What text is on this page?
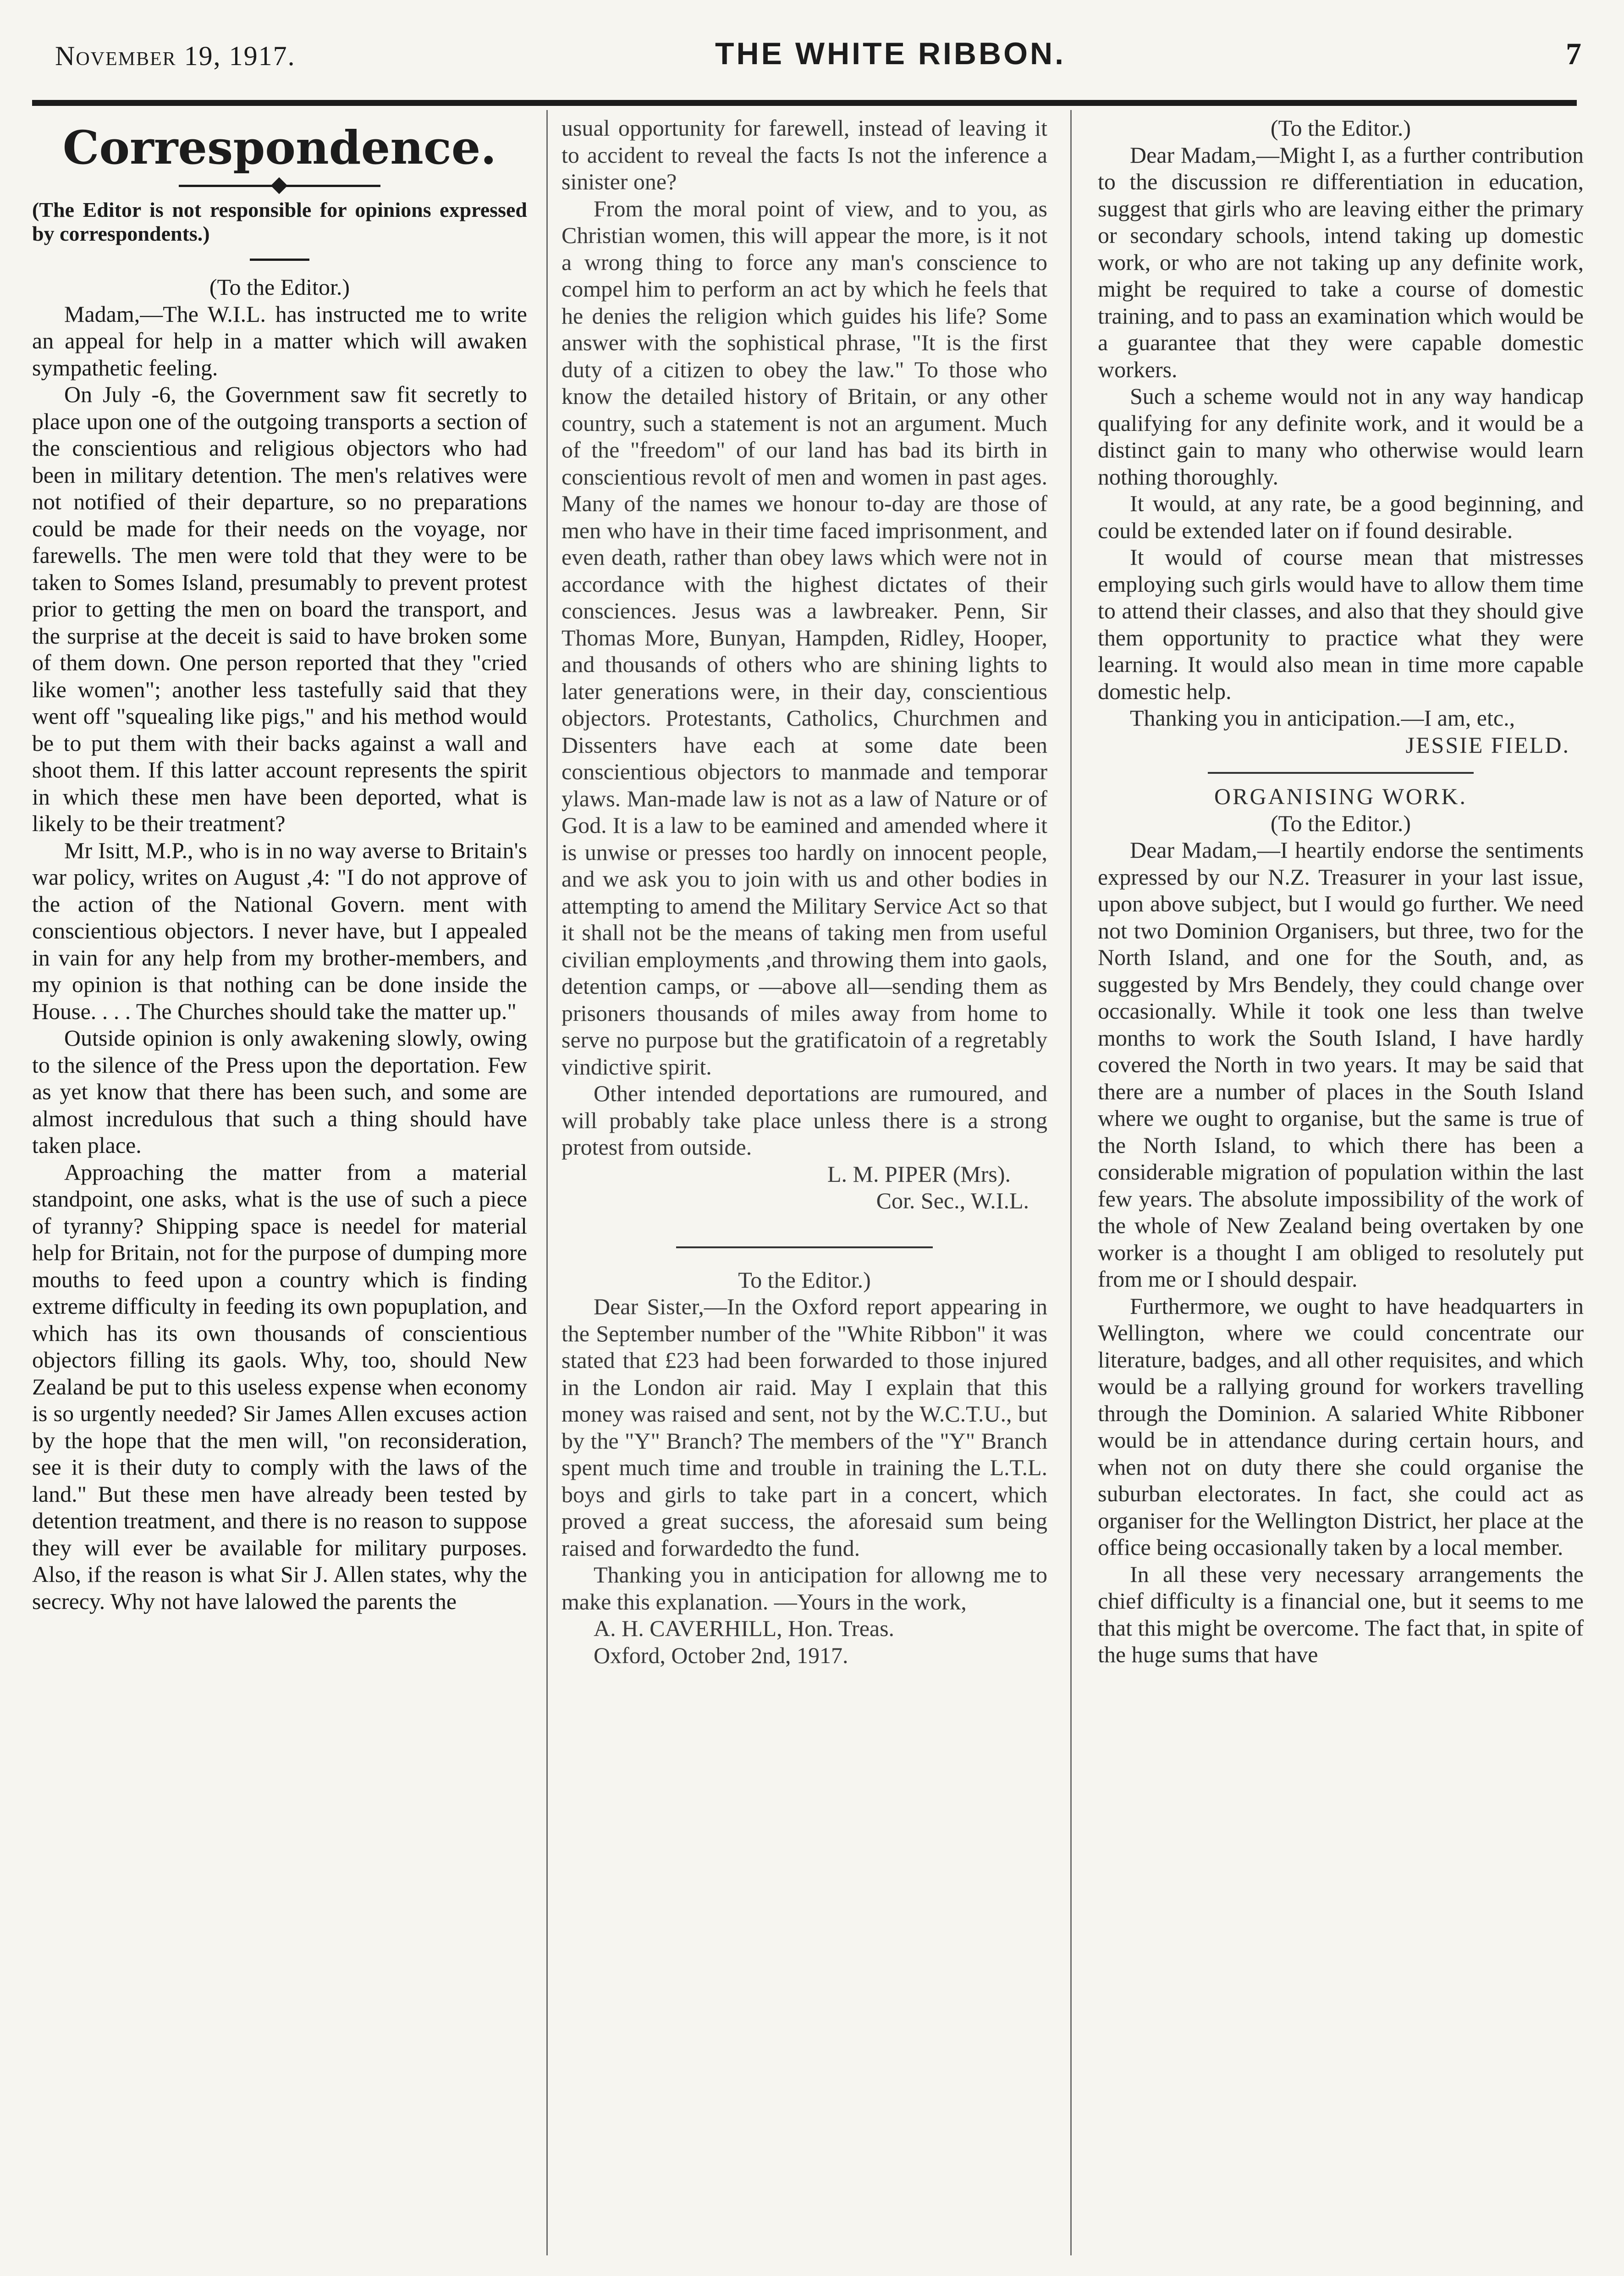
November 19, 1917.	THE WHITE RIBBON.	7
Correspondence.

(The Editor is not responsible for opinions expressed by correspondents.)

(To the Editor.)

Madam,—The W.I.L. has instructed me to write an appeal for help in a matter which will awaken sympathetic feeling.

On July -6, the Government saw fit secretly to place upon one of the outgoing transports a section of the conscientious and religious objectors who had been in military detention. The men's relatives were not notified of their departure, so no preparations could be made for their needs on the voyage, nor farewells. The men were told that they were to be taken to Somes Island, presumably to prevent protest prior to getting the men on board the transport, and the surprise at the deceit is said to have broken some of them down. One person reported that they "cried like women"; another less tastefully said that they went off "squealing like pigs," and his method would be to put them with their backs against a wall and shoot them. If this latter account represents the spirit in which these men have been deported, what is likely to be their treatment?

Mr Isitt, M.P., who is in no way averse to Britain's war policy, writes on August ,4: "I do not approve of the action of the National Govern. ment with conscientious objectors. I never have, but I appealed in vain for any help from my brother-members, and my opinion is that nothing can be done inside the House. . . . The Churches should take the matter up."

Outside opinion is only awakening slowly, owing to the silence of the Press upon the deportation. Few as yet know that there has been such, and some are almost incredulous that such a thing should have taken place.

Approaching the matter from a material standpoint, one asks, what is the use of such a piece of tyranny? Shipping space is needel for material help for Britain, not for the purpose of dumping more mouths to feed upon a country which is finding extreme difficulty in feeding its own popuplation, and which has its own thousands of conscientious objectors filling its gaols. Why, too, should New Zealand be put to this useless expense when economy is so urgently needed? Sir James Allen excuses action by the hope that the men will, "on reconsideration, see it is their duty to comply with the laws of the land." But these men have already been tested by detention treatment, and there is no reason to suppose they will ever be available for military purposes. Also, if the reason is what Sir J. Allen states, why the secrecy. Why not have lalowed the parents the

usual opportunity for farewell, instead of leaving it to accident to reveal the facts Is not the inference a sinister one?

From the moral point of view, and to you, as Christian women, this will appear the more, is it not a wrong thing to force any man's conscience to compel him to perform an act by which he feels that he denies the religion which guides his life? Some answer with the sophistical phrase, "It is the first duty of a citizen to obey the law." To those who know the detailed history of Britain, or any other country, such a statement is not an argument. Much of the "freedom" of our land has bad its birth in conscientious revolt of men and women in past ages. Many of the names we honour to-day are those of men who have in their time faced imprisonment, and even death, rather than obey laws which were not in accordance with the highest dictates of their consciences. Jesus was a lawbreaker. Penn, Sir Thomas More, Bunyan, Hampden, Ridley, Hooper, and thousands of others who are shining lights to later generations were, in their day, conscientious objectors. Protestants, Catholics, Churchmen and Dissenters have each at some date been conscientious objectors to manmade and temporar ylaws. Man-made law is not as a law of Nature or of God. It is a law to be eamined and amended where it is unwise or presses too hardly on innocent people, and we ask you to join with us and other bodies in attempting to amend the Military Service Act so that it shall not be the means of taking men from useful civilian employments ,and throwing them into gaols, detention camps, or —above all—sending them as prisoners thousands of miles away from home to serve no purpose but the gratificatoin of a regretably vindictive spirit.

Other intended deportations are rumoured, and will probably take place unless there is a strong protest from outside.

L. M. PIPER (Mrs).

Cor. Sec., W.I.L.

To the Editor.)

Dear Sister,—In the Oxford report appearing in the September number of the "White Ribbon" it was stated that £23 had been forwarded to those injured in the London air raid. May I explain that this money was raised and sent, not by the W.C.T.U., but by the "Y" Branch? The members of the "Y" Branch spent much time and trouble in training the L.T.L. boys and girls to take part in a concert, which proved a great success, the aforesaid sum being raised and forwardedto the fund.

Thanking you in anticipation for allowng me to make this explanation. —Yours in the work,

A. H. CAVERHILL, Hon. Treas.

Oxford, October 2nd, 1917.

(To the Editor.)

Dear Madam,—Might I, as a further contribution to the discussion re differentiation in education, suggest that girls who are leaving either the primary or secondary schools, intend taking up domestic work, or who are not taking up any definite work, might be required to take a course of domestic training, and to pass an examination which would be a guarantee that they were capable domestic workers.

Such a scheme would not in any way handicap qualifying for any definite work, and it would be a distinct gain to many who otherwise would learn nothing thoroughly.

It would, at any rate, be a good beginning, and could be extended later on if found desirable.

It would of course mean that mistresses employing such girls would have to allow them time to attend their classes, and also that they should give them opportunity to practice what they were learning. It would also mean in time more capable domestic help.

Thanking you in anticipation.—I am, etc.,

JESSIE FIELD.

ORGANISING WORK.

(To the Editor.)

Dear Madam,—I heartily endorse the sentiments expressed by our N.Z. Treasurer in your last issue, upon above subject, but I would go further. We need not two Dominion Organisers, but three, two for the North Island, and one for the South, and, as suggested by Mrs Bendely, they could change over occasionally. While it took one less than twelve months to work the South Island, I have hardly covered the North in two years. It may be said that there are a number of places in the South Island where we ought to organise, but the same is true of the North Island, to which there has been a considerable migration of population within the last few years. The absolute impossibility of the work of the whole of New Zealand being overtaken by one worker is a thought I am obliged to resolutely put from me or I should despair.

Furthermore, we ought to have headquarters in Wellington, where we could concentrate our literature, badges, and all other requisites, and which would be a rallying ground for workers travelling through the Dominion. A salaried White Ribboner would be in attendance during certain hours, and when not on duty there she could organise the suburban electorates. In fact, she could act as organiser for the Wellington District, her place at the office being occasionally taken by a local member.

In all these very necessary arrangements the chief difficulty is a financial one, but it seems to me that this might be overcome. The fact that, in spite of the huge sums that have
